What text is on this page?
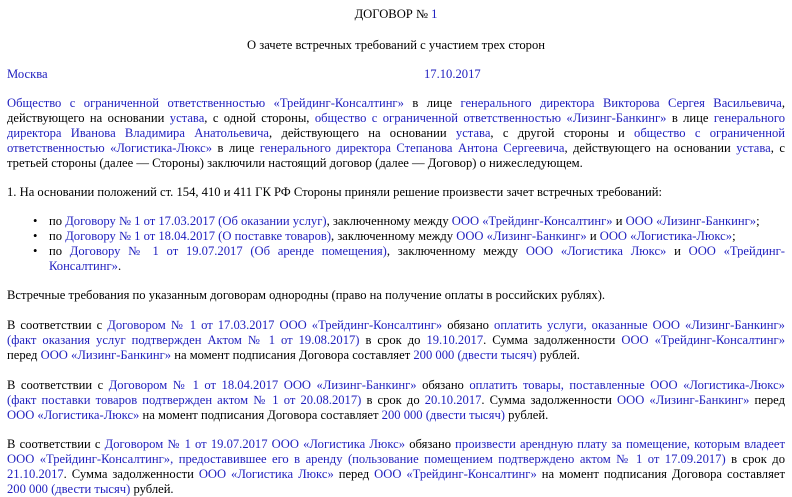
ДОГОВОР № 1
О зачете встречных требований с участием трех сторон
Москва	17.10.2017
Общество с ограниченной ответственностью «Трейдинг-Консалтинг» в лице генерального директора Викторова Сергея Васильевича,
действующего на основании устава, с одной стороны, общество с ограниченной ответственностью «Лизинг-Банкинг» в лице генерального
директора Иванова Владимира Анатольевича, действующего на основании устава, с другой стороны и общество с ограниченной
ответственностью «Логистика-Люкс» в лице генерального директора Степанова Антона Сергеевича, действующего на основании устава, с
третьей стороны (далее — Стороны) заключили настоящий договор (далее — Договор) о нижеследующем.
1. На основании положений ст. 154, 410 и 411 ГК РФ Стороны приняли решение произвести зачет встречных требований:
• по Договору № 1 от 17.03.2017 (Об оказании услуг), заключенному между ООО «Трейдинг-Консалтинг» и ООО «Лизинг-Банкинг»;
• по Договору № 1 от 18.04.2017 (О поставке товаров), заключенному между ООО «Лизинг-Банкинг» и ООО «Логистика-Люкс»;
• по Договору № 1 от 19.07.2017 (Об аренде помещения), заключенному между ООО «Логистика Люкс» и ООО «Трейдинг-
Консалтинг».
Встречные требования по указанным договорам однородны (право на получение оплаты в российских рублях).
В соответствии с Договором № 1 от 17.03.2017 ООО «Трейдинг-Консалтинг» обязано оплатить услуги, оказанные ООО «Лизинг-Банкинг»
(факт оказания услуг подтвержден Актом № 1 от 19.08.2017) в срок до 19.10.2017. Сумма задолженности ООО «Трейдинг-Консалтинг»
перед ООО «Лизинг-Банкинг» на момент подписания Договора составляет 200 000 (двести тысяч) рублей.
В соответствии с Договором № 1 от 18.04.2017 ООО «Лизинг-Банкинг» обязано оплатить товары, поставленные ООО «Логистика-Люкс»
(факт поставки товаров подтвержден актом № 1 от 20.08.2017) в срок до 20.10.2017. Сумма задолженности ООО «Лизинг-Банкинг» перед
ООО «Логистика-Люкс» на момент подписания Договора составляет 200 000 (двести тысяч) рублей.
В соответствии с Договором № 1 от 19.07.2017 ООО «Логистика Люкс» обязано произвести арендную плату за помещение, которым владеет
ООО «Трейдинг-Консалтинг», предоставившее его в аренду (пользование помещением подтверждено актом № 1 от 17.09.2017) в срок до
21.10.2017. Сумма задолженности ООО «Логистика Люкс» перед ООО «Трейдинг-Консалтинг» на момент подписания Договора составляет
200 000 (двести тысяч) рублей.
